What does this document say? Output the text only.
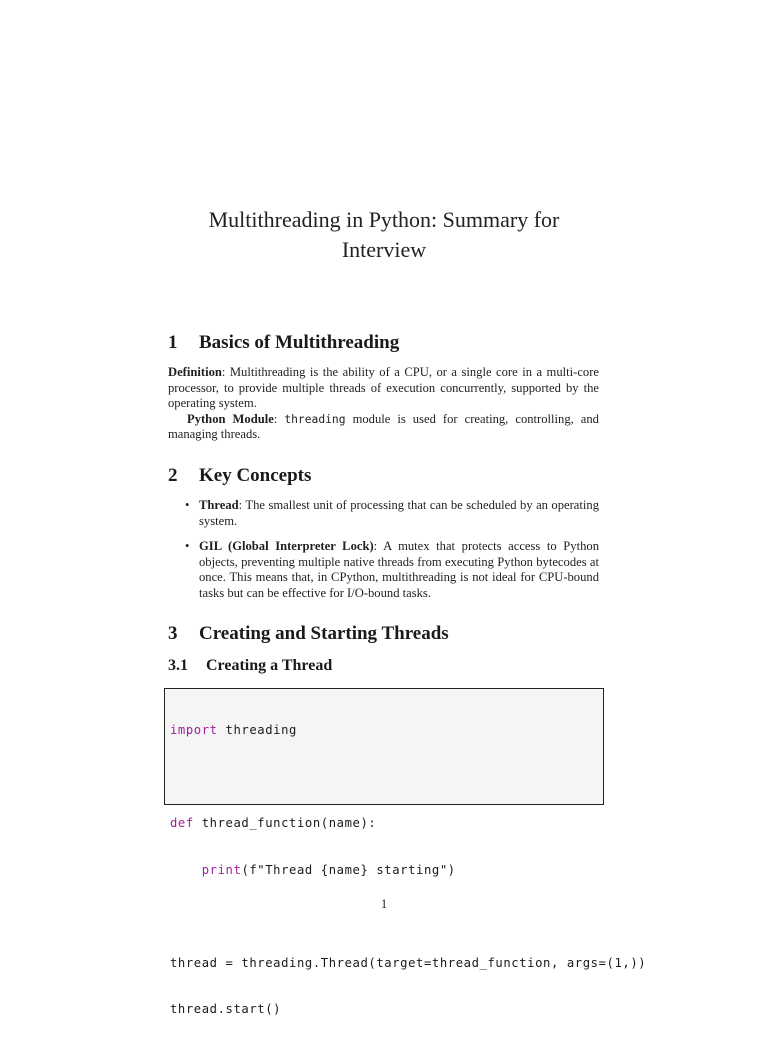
Multithreading in Python: Summary for
Interview
1 Basics of Multithreading

Definition: Multithreading is the ability of a CPU, or a single core in a multi-core processor, to provide multiple threads of execution concurrently, supported by the operating system.

Python Module: threading module is used for creating, controlling, and managing threads.

2 Key Concepts
• Thread: The smallest unit of processing that can be scheduled by an operating system.
• GIL (Global Interpreter Lock): A mutex that protects access to Python objects, preventing multiple native threads from executing Python bytecodes at once. This means that, in CPython, multithreading is not ideal for CPU-bound tasks but can be effective for I/O-bound tasks.
3 Creating and Starting Threads
3.1 Creating a Thread

import threading

def thread_function(name):

print(f"Thread {name} starting")

thread = threading.Thread(target=thread_function, args=(1,))

thread.start()

1
